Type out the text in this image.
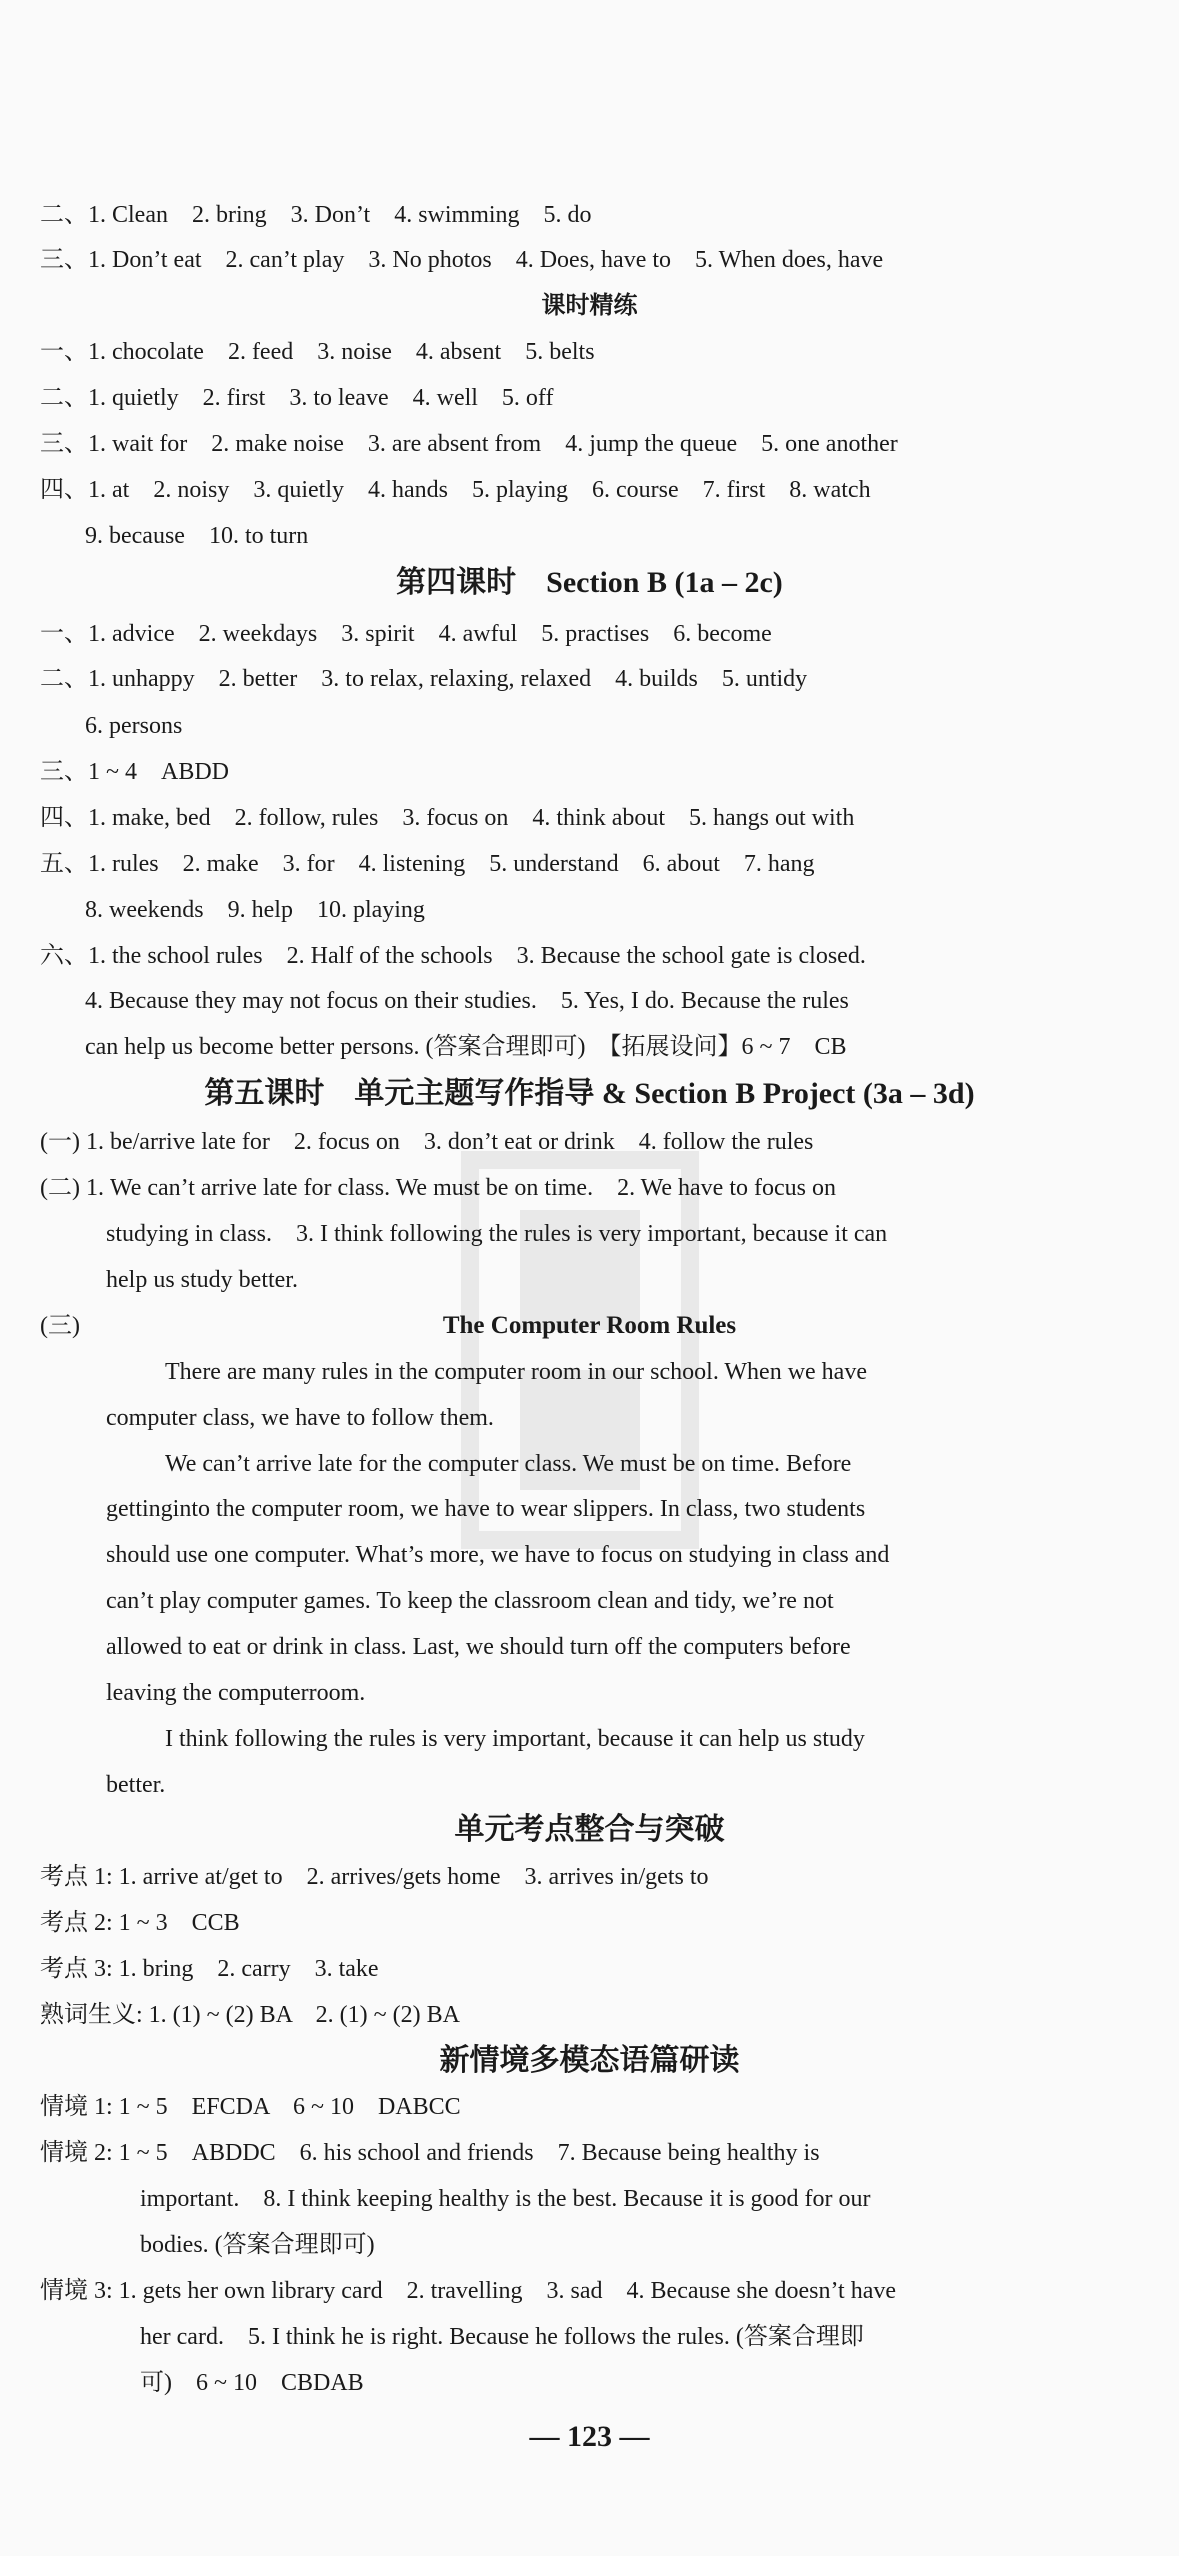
二、1. Clean　2. bring　3. Don’t　4. swimming　5. do
三、1. Don’t eat　2. can’t play　3. No photos　4. Does, have to　5. When does, have
课时精练
一、1. chocolate　2. feed　3. noise　4. absent　5. belts
二、1. quietly　2. first　3. to leave　4. well　5. off
三、1. wait for　2. make noise　3. are absent from　4. jump the queue　5. one another
四、1. at　2. noisy　3. quietly　4. hands　5. playing　6. course　7. first　8. watch
9. because　10. to turn
第四课时　Section B (1a – 2c)
一、1. advice　2. weekdays　3. spirit　4. awful　5. practises　6. become
二、1. unhappy　2. better　3. to relax, relaxing, relaxed　4. builds　5. untidy
6. persons
三、1 ~ 4　ABDD
四、1. make, bed　2. follow, rules　3. focus on　4. think about　5. hangs out with
五、1. rules　2. make　3. for　4. listening　5. understand　6. about　7. hang
8. weekends　9. help　10. playing
六、1. the school rules　2. Half of the schools　3. Because the school gate is closed.
4. Because they may not focus on their studies.　5. Yes, I do. Because the rules
can help us become better persons. (答案合理即可)　【拓展设问】6 ~ 7　CB
第五课时　单元主题写作指导 & Section B Project (3a – 3d)
(一) 1. be/arrive late for　2. focus on　3. don’t eat or drink　4. follow the rules
(二) 1. We can’t arrive late for class. We must be on time.　2. We have to focus on
studying in class.　3. I think following the rules is very important, because it can
help us study better.
(三)	The Computer Room Rules
There are many rules in the computer room in our school. When we have
computer class, we have to follow them.
We can’t arrive late for the computer class. We must be on time. Before
gettinginto the computer room, we have to wear slippers. In class, two students
should use one computer. What’s more, we have to focus on studying in class and
can’t play computer games. To keep the classroom clean and tidy, we’re not
allowed to eat or drink in class. Last, we should turn off the computers before
leaving the computerroom.
I think following the rules is very important, because it can help us study
better.
单元考点整合与突破
考点 1: 1. arrive at/get to　2. arrives/gets home　3. arrives in/gets to
考点 2: 1 ~ 3　CCB
考点 3: 1. bring　2. carry　3. take
熟词生义: 1. (1) ~ (2) BA　2. (1) ~ (2) BA
新情境多模态语篇研读
情境 1: 1 ~ 5　EFCDA　6 ~ 10　DABCC
情境 2: 1 ~ 5　ABDDC　6. his school and friends　7. Because being healthy is
important.　8. I think keeping healthy is the best. Because it is good for our
bodies. (答案合理即可)
情境 3: 1. gets her own library card　2. travelling　3. sad　4. Because she doesn’t have
her card.　5. I think he is right. Because he follows the rules. (答案合理即
可)　6 ~ 10　CBDAB
— 123 —
